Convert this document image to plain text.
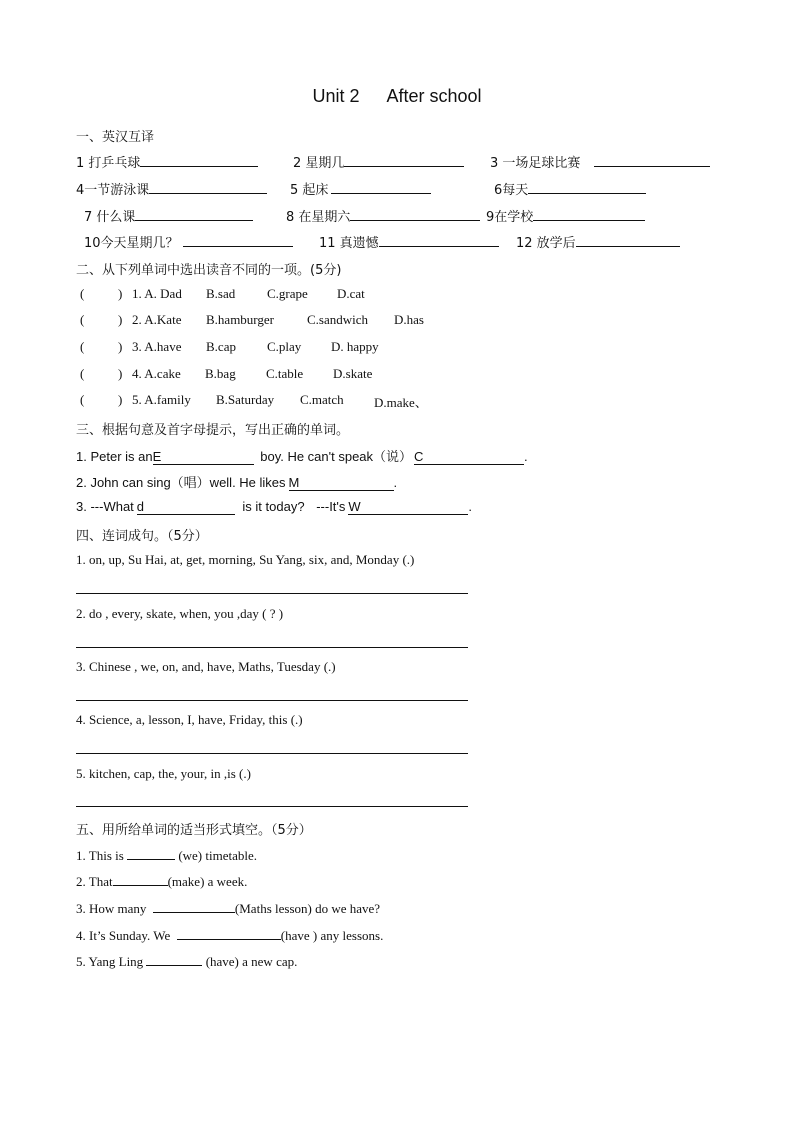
Unit 2 After school
一、英汉互译
1 打乒乓球	2 星期几	3 一场足球比赛
4一节游泳课	5 起床	6每天
7 什么课	8 在星期六	9在学校
10今天星期几？	11 真遗憾	12 放学后
二、从下列单词中选出读音不同的一项。(5分)
(	) 1. A. Dad B.sad C.grape D.cat
(	) 2. A.Kate B.hamburger	C.sandwich D.has
(	) 3. A.have B.cap C.play D. happy
(	) 4. A.cake B.bag C.table D.skate
(	) 5. A.family B.Saturday C.match D.make、
三、根据句意及首字母提示，写出正确的单词。
1. Peter is anE	boy. He can't speak（说） C	.
2. John can sing（唱）well. He likes M	.
3. ---What d	is it today? ---It's W	.
四、连词成句。（5分）
1. on, up, Su Hai, at, get, morning, Su Yang, six, and, Monday (.)
2. do , every, skate, when, you ,day ( ? )
3. Chinese , we, on, and, have, Maths, Tuesday (.)
4. Science, a, lesson, I, have, Friday, this (.)
5. kitchen, cap, the, your, in ,is (.)
五、用所给单词的适当形式填空。（5分）
1. This is	(we) timetable.
2. That	(make) a week.
3. How many	(Maths lesson) do we have?
4. It’s Sunday. We	(have ) any lessons.
5. Yang Ling	(have) a new cap.
